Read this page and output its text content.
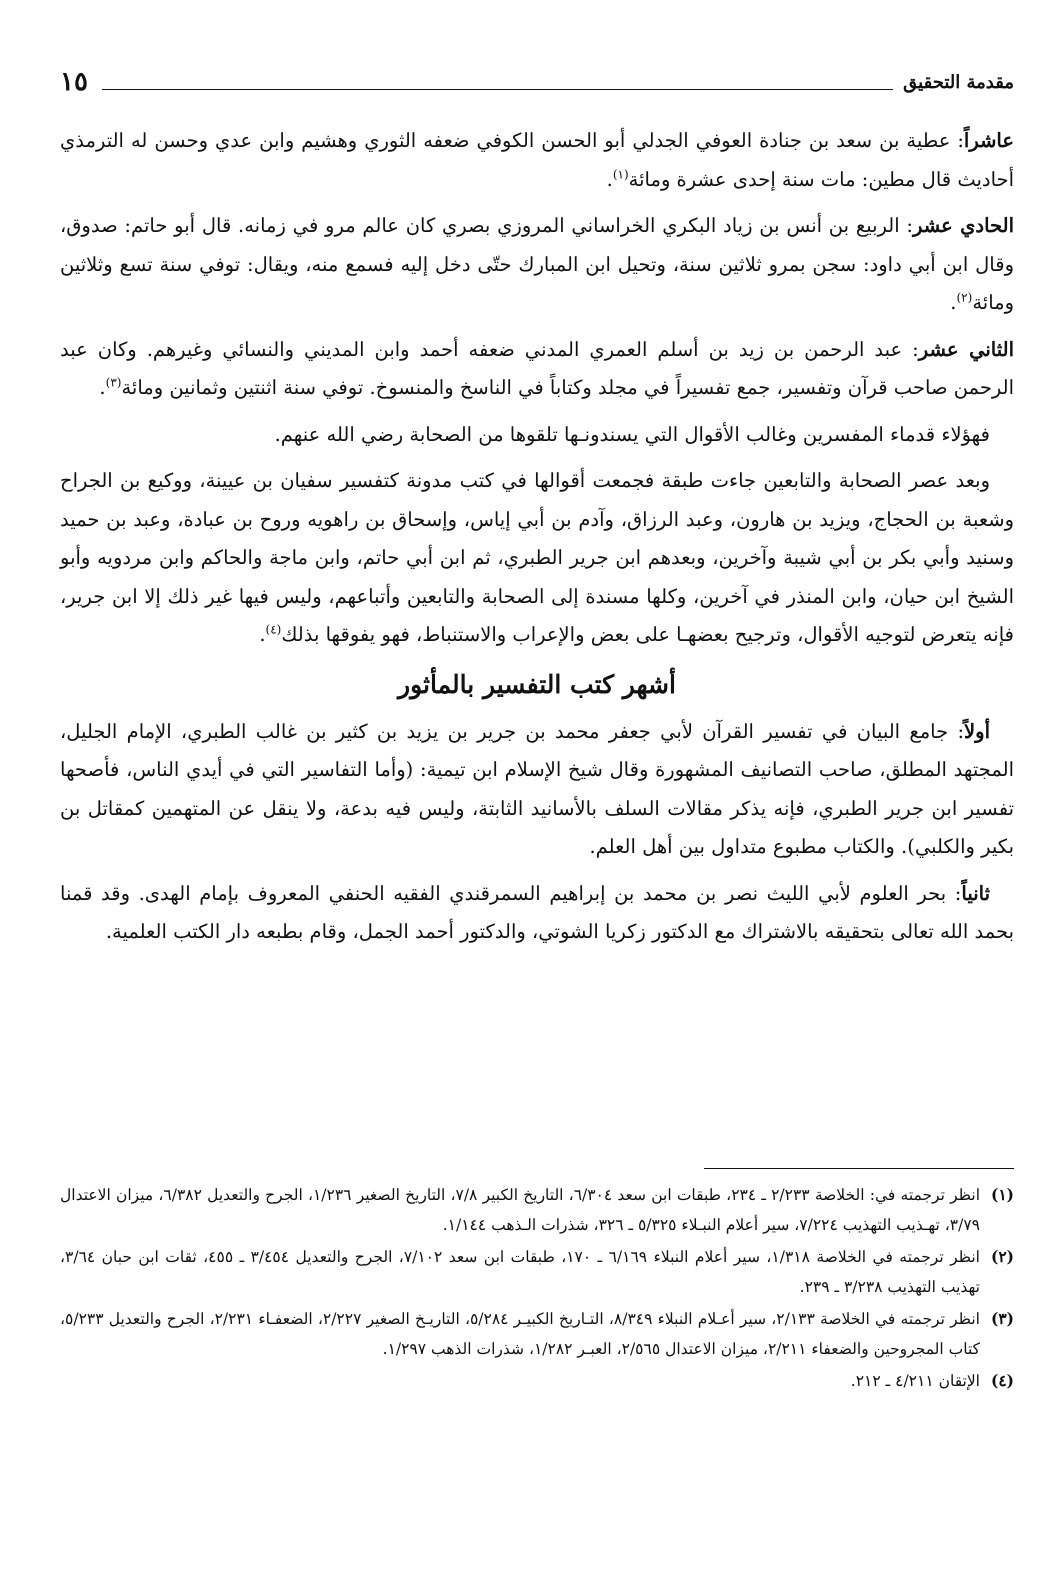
١٥	مقدمة التحقيق

عاشراً: عطية بن سعد بن جنادة العوفي الجدلي أبو الحسن الكوفي ضعفه الثوري وهشيم وابن عدي وحسن له الترمذي أحاديث قال مطين: مات سنة إحدى عشرة ومائة$^{(١)}$.

الحادي عشر: الربيع بن أنس بن زياد البكري الخراساني المروزي بصري كان عالم مرو في زمانه. قال أبو حاتم: صدوق، وقال ابن أبي داود: سجن بمرو ثلاثين سنة، وتحيل ابن المبارك حتّى دخل إليه فسمع منه، ويقال: توفي سنة تسع وثلاثين ومائة$^{(٢)}$.

الثاني عشر: عبد الرحمن بن زيد بن أسلم العمري المدني ضعفه أحمد وابن المديني والنسائي وغيرهم. وكان عبد الرحمن صاحب قرآن وتفسير، جمع تفسيراً في مجلد وكتاباً في الناسخ والمنسوخ. توفي سنة اثنتين وثمانين ومائة$^{(٣)}$.

فهؤلاء قدماء المفسرين وغالب الأقوال التي يسندونـها تلقوها من الصحابة رضي الله عنهم.

وبعد عصر الصحابة والتابعين جاءت طبقة فجمعت أقوالها في كتب مدونة كتفسير سفيان بن عيينة، ووكيع بن الجراح وشعبة بن الحجاج، ويزيد بن هارون، وعبد الرزاق، وآدم بن أبي إياس، وإسحاق بن راهويه وروح بن عبادة، وعبد بن حميد وسنيد وأبي بكر بن أبي شيبة وآخرين، وبعدهم ابن جرير الطبري، ثم ابن أبي حاتم، وابن ماجة والحاكم وابن مردويه وأبو الشيخ ابن حيان، وابن المنذر في آخرين، وكلها مسندة إلى الصحابة والتابعين وأتباعهم، وليس فيها غير ذلك إلا ابن جرير، فإنه يتعرض لتوجيه الأقوال، وترجيح بعضهـا على بعض والإعراب والاستنباط، فهو يفوقها بذلك$^{(٤)}$.

أشهر كتب التفسير بالمأثور

أولاً: جامع البيان في تفسير القرآن لأبي جعفر محمد بن جرير بن يزيد بن كثير بن غالب الطبري، الإمام الجليل، المجتهد المطلق، صاحب التصانيف المشهورة وقال شيخ الإسلام ابن تيمية: (وأما التفاسير التي في أيدي الناس، فأصحها تفسير ابن جرير الطبري، فإنه يذكر مقالات السلف بالأسانيد الثابتة، وليس فيه بدعة، ولا ينقل عن المتهمين كمقاتل بن بكير والكلبي). والكتاب مطبوع متداول بين أهل العلم.

ثانياً: بحر العلوم لأبي الليث نصر بن محمد بن إبراهيم السمرقندي الفقيه الحنفي المعروف بإمام الهدى. وقد قمنا بحمد الله تعالى بتحقيقه بالاشتراك مع الدكتور زكريا الشوتي، والدكتور أحمد الجمل، وقام بطبعه دار الكتب العلمية.

(١)
انظر ترجمته في: الخلاصة ٢/٢٣٣ ـ ٢٣٤، طبقات ابن سعد ٦/٣٠٤، التاريخ الكبير ٧/٨، التاريخ الصغير ١/٢٣٦، الجرح والتعديل ٦/٣٨٢، ميزان الاعتدال ٣/٧٩، تهـذيب التهذيب ٧/٢٢٤، سير أعلام النبـلاء ٥/٣٢٥ ـ ٣٢٦، شذرات الـذهب ١/١٤٤.

(٢)
انظر ترجمته في الخلاصة ١/٣١٨، سير أعلام النبلاء ٦/١٦٩ ـ ١٧٠، طبقات ابن سعد ٧/١٠٢، الجرح والتعديل ٣/٤٥٤ ـ ٤٥٥، ثقات ابن حبان ٣/٦٤، تهذيب التهذيب ٣/٢٣٨ ـ ٢٣٩.

(٣)
انظر ترجمته في الخلاصة ٢/١٣٣، سير أعـلام النبلاء ٨/٣٤٩، التـاريخ الكبيـر ٥/٢٨٤، التاريـخ الصغير ٢/٢٢٧، الضعفـاء ٢/٢٣١، الجرح والتعديل ٥/٢٣٣، كتاب المجروحين والضعفاء ٢/٢١١، ميزان الاعتدال ٢/٥٦٥، العبـر ١/٢٨٢، شذرات الذهب ١/٢٩٧.

(٤)
الإتقان ٤/٢١١ ـ ٢١٢.
